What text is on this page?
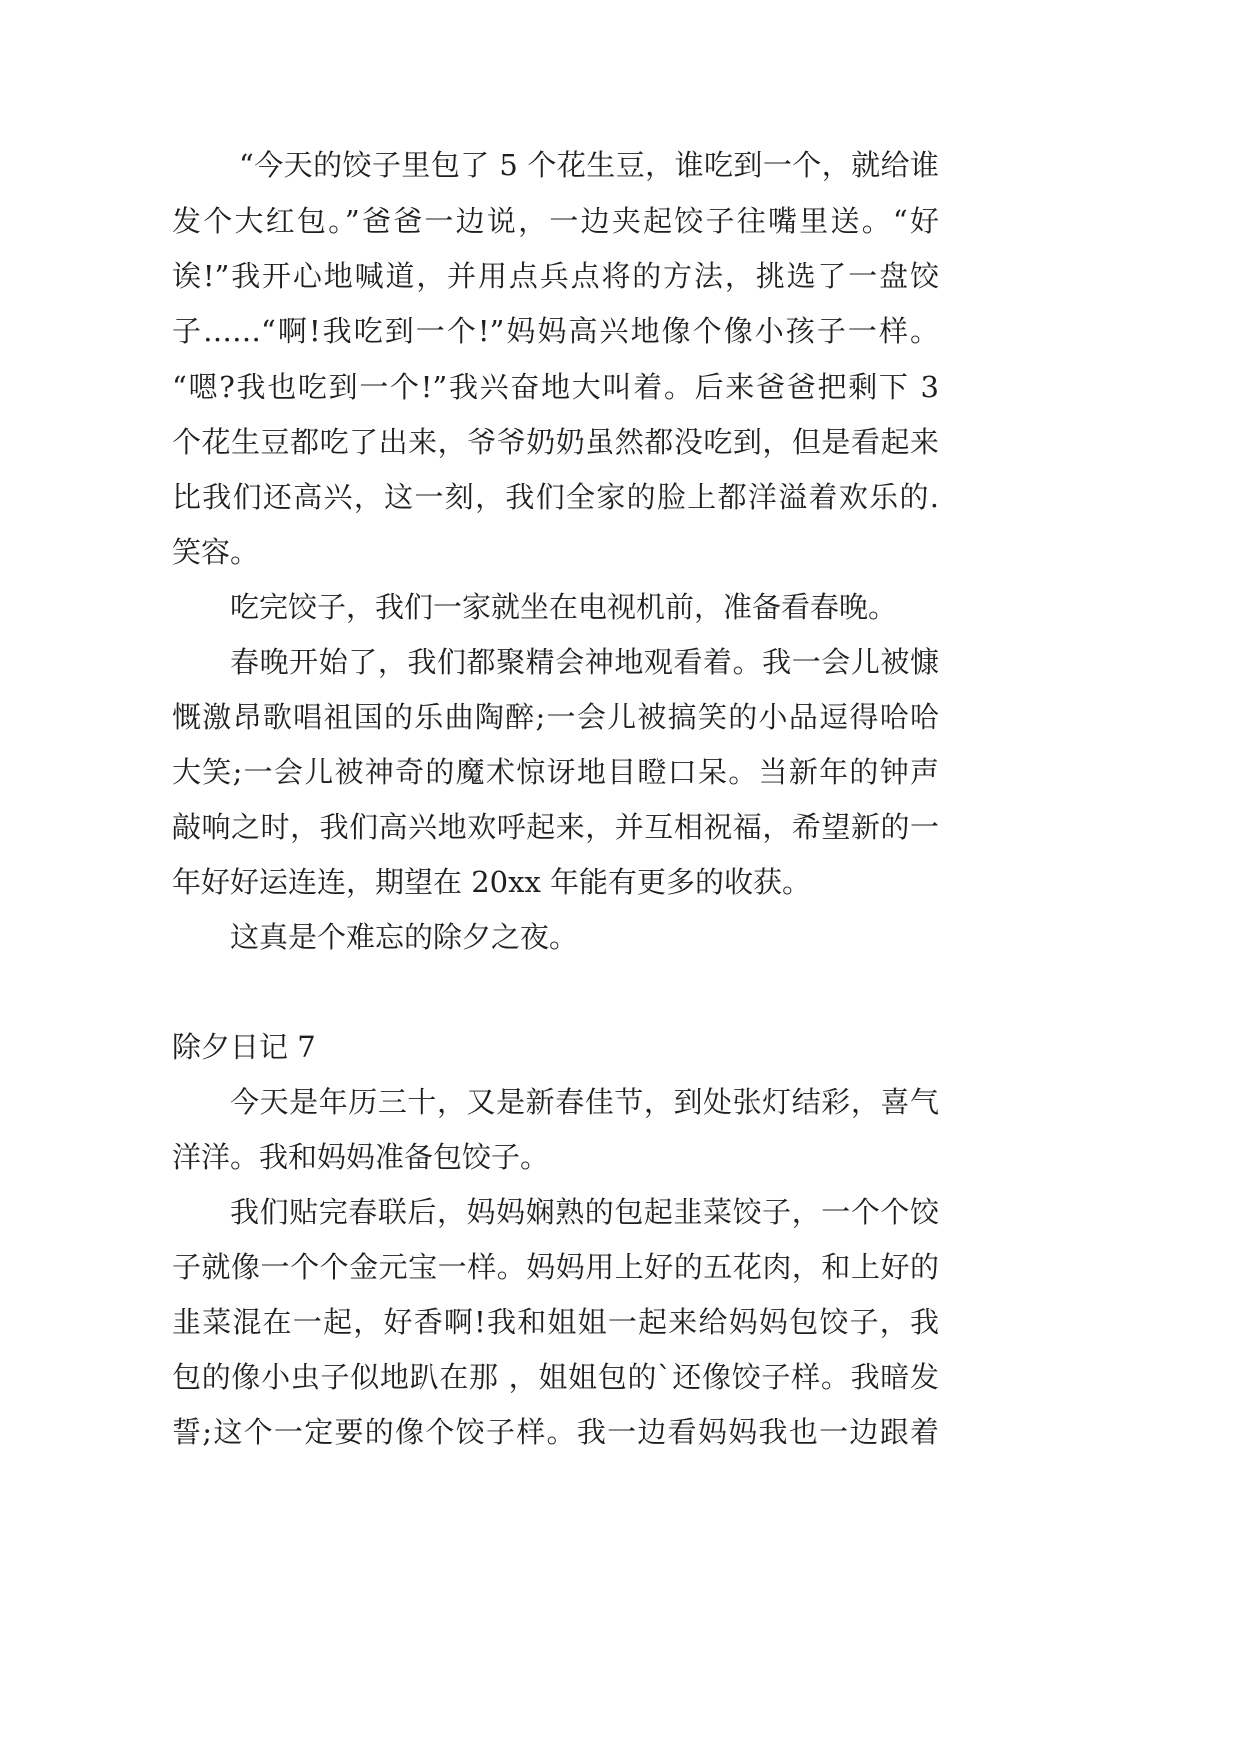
“今天的饺子里包了 5 个花生豆，谁吃到一个，就给谁
发个大红包。”爸爸一边说，一边夹起饺子往嘴里送。“好
诶!”我开心地喊道，并用点兵点将的方法，挑选了一盘饺
子……“啊!我吃到一个!”妈妈高兴地像个像小孩子一样。
“嗯?我也吃到一个!”我兴奋地大叫着。后来爸爸把剩下 3
个花生豆都吃了出来，爷爷奶奶虽然都没吃到，但是看起来
比我们还高兴，这一刻，我们全家的脸上都洋溢着欢乐的.
笑容。
吃完饺子，我们一家就坐在电视机前，准备看春晚。
春晚开始了，我们都聚精会神地观看着。我一会儿被慷
慨激昂歌唱祖国的乐曲陶醉;一会儿被搞笑的小品逗得哈哈
大笑;一会儿被神奇的魔术惊讶地目瞪口呆。当新年的钟声
敲响之时，我们高兴地欢呼起来，并互相祝福，希望新的一
年好好运连连，期望在 20xx 年能有更多的收获。
这真是个难忘的除夕之夜。
除夕日记 7
今天是年历三十，又是新春佳节，到处张灯结彩，喜气
洋洋。我和妈妈准备包饺子。
我们贴完春联后，妈妈娴熟的包起韭菜饺子，一个个饺
子就像一个个金元宝一样。妈妈用上好的五花肉，和上好的
韭菜混在一起，好香啊!我和姐姐一起来给妈妈包饺子，我
包的像小虫子似地趴在那 ，姐姐包的`还像饺子样。我暗发
誓;这个一定要的像个饺子样。我一边看妈妈我也一边跟着
